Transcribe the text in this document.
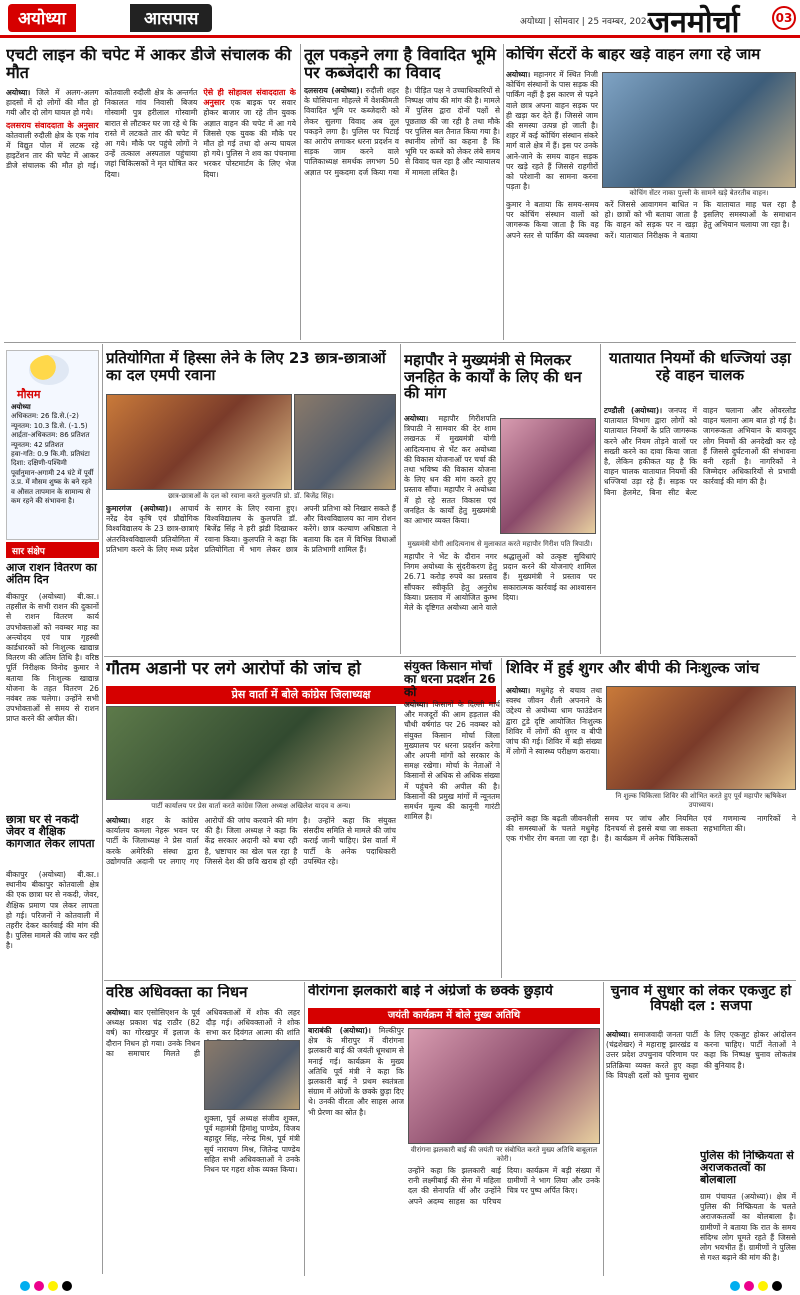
अयोध्या	आसपास	अयोध्या | सोमवार | 25 नवम्बर, 2024
जनमोर्चा	03
एचटी लाइन की चपेट में आकर डीजे संचालक की मौत

अयोध्या। जिले में अलग-अलग हादसों में दो लोगों की मौत हो गयी और दो लोग घायल हो गये।

दलसराय संवाददाता के अनुसार कोतवाली रुदौली क्षेत्र के एक गांव में विद्युत पोल में लटक रहे हाइटेंशन तार की चपेट में आकर डीजे संचालक की मौत हो गई। कोतवाली रुदौली क्षेत्र के अन्तर्गत निकालत गांव निवासी बिजय गोस्वामी पुत्र हरीलाल गोस्वामी बारात से लौटकर घर जा रहे थे कि रास्ते में लटकते तार की चपेट में आ गये। मौके पर पहुंचे लोगों ने उन्हें तत्काल अस्पताल पहुंचाया जहां चिकित्सकों ने मृत घोषित कर दिया।

ऐसे ही सोहावल संवाददाता के अनुसार एक बाइक पर सवार होकर बाजार जा रहे तीन युवक अज्ञात वाहन की चपेट में आ गये जिससे एक युवक की मौके पर मौत हो गई तथा दो अन्य घायल हो गये। पुलिस ने शव का पंचनामा भरकर पोस्टमार्टम के लिए भेज दिया।

तूल पकड़ने लगा है विवादित भूमि पर कब्जेदारी का विवाद

दलसराय (अयोध्या)। रुदौली शहर के घोसियाना मोहल्ले में वेशकीमती विवादित भूमि पर कब्जेदारी को लेकर सुलगा विवाद अब तूल पकड़ने लगा है। पुलिस पर पिटाई का आरोप लगाकर धरना प्रदर्शन व सड़क जाम करने वाले पालिकाध्यक्ष समर्थक लगभग 50 अज्ञात पर मुकदमा दर्ज किया गया है। पीड़ित पक्ष ने उच्चाधिकारियों से निष्पक्ष जांच की मांग की है। मामले में पुलिस द्वारा दोनों पक्षों से पूछताछ की जा रही है तथा मौके पर पुलिस बल तैनात किया गया है। स्थानीय लोगों का कहना है कि भूमि पर कब्जे को लेकर लंबे समय से विवाद चल रहा है और न्यायालय में मामला लंबित है।

कोचिंग सेंटरों के बाहर खड़े वाहन लगा रहे जाम
अयोध्या। महानगर में स्थित निजी कोचिंग संस्थानों के पास सड़क की पार्किंग नहीं है इस कारण से पढ़ने वाले छात्र अपना वाहन सड़क पर ही खड़ा कर देते हैं। जिससे जाम की समस्या उत्पन्न हो जाती है। शहर में कई कोचिंग संस्थान संकरे मार्ग वाले क्षेत्र में हैं। इस पर उनके आने-जाने के समय वाहन सड़क पर खड़े रहते हैं जिससे राहगीरों को परेशानी का सामना करना पड़ता है।
कोचिंग सेंटर नाका पुल्ली के सामने खड़े बेतरतीब वाहन।
कुमार ने बताया कि समय-समय पर कोचिंग संस्थान वालों को जागरूक किया जाता है कि वह अपने स्तर से पार्किंग की व्यवस्था करें जिससे आवागमन बाधित न हो। छात्रों को भी बताया जाता है कि वाहन को सड़क पर न खड़ा करें। यातायात निरीक्षक ने बताया कि यातायात माह चल रहा है इसलिए समस्याओं के समाधान हेतु अभियान चलाया जा रहा है।
मौसम
अयोध्या
अधिकतम: 26 डि.से.(-2)
न्यूनतम: 10.3 डि.से. (-1.5)
आर्द्रता-अधिकतम: 86 प्रतिशत
न्यूनतम: 42 प्रतिशत
हवा-गति: 0.9 कि.मी. प्रतिघंटा
दिशा: दक्षिणी-पश्चिमी
पूर्वानुमान-अगामी 24 घंटे में पूर्वी उ.प्र. में मौसम शुष्क के बने रहने व औसत तापमान के सामान्य से कम रहने की संभावना है।
सार संक्षेप
आज राशन वितरण का अंतिम दिन
बीकापुर (अयोध्या) बी.का.। तहसील के सभी राशन की दुकानों से राशन वितरण कार्य उपभोक्ताओं को नवम्बर माह का अन्त्योदय एवं पात्र गृहस्थी कार्डधारकों को निःशुल्क खाद्यान्न वितरण की अंतिम तिथि है। वरिष्ठ पूर्ति निरीक्षक विनोद कुमार ने बताया कि निःशुल्क खाद्यान्न योजना के तहत वितरण 26 नवंबर तक चलेगा। उन्होंने सभी उपभोक्ताओं से समय से राशन प्राप्त करने की अपील की।
छात्रा घर से नकदी जेवर व शैक्षिक कागजात लेकर लापता
बीकापुर (अयोध्या) बी.का.। स्थानीय बीकापुर कोतवाली क्षेत्र की एक छात्रा घर से नकदी, जेवर, शैक्षिक प्रमाण पत्र लेकर लापता हो गई। परिजनों ने कोतवाली में तहरीर देकर कार्रवाई की मांग की है। पुलिस मामले की जांच कर रही है।
प्रतियोगिता में हिस्सा लेने के लिए 23 छात्र-छात्राओं का दल एमपी रवाना
छात्र-छात्राओं के दल को रवाना करते कुलपति प्रो. डॉ. बिजेंद्र सिंह।
कुमारगंज (अयोध्या)। आचार्य नरेंद्र देव कृषि एवं प्रौद्योगिक विश्वविद्यालय के 23 छात्र-छात्राएं अंतरविश्वविद्यालयी प्रतियोगिता में प्रतिभाग करने के लिए मध्य प्रदेश के सागर के लिए रवाना हुए। विश्वविद्यालय के कुलपति डॉ. बिजेंद्र सिंह ने हरी झंडी दिखाकर रवाना किया। कुलपति ने कहा कि प्रतियोगिता में भाग लेकर छात्र अपनी प्रतिभा को निखार सकते हैं और विश्वविद्यालय का नाम रोशन करेंगे। छात्र कल्याण अधिष्ठाता ने बताया कि दल में विभिन्न विधाओं के प्रतिभागी शामिल हैं।
महापौर ने मुख्यमंत्री से मिलकर जनहित के कार्यों के लिए की धन की मांग
अयोध्या। महापौर गिरीशपति त्रिपाठी ने सामवार की देर शाम लखनऊ में मुख्यमंत्री योगी आदित्यनाथ से भेंट कर अयोध्या की विकास योजनाओं पर चर्चा की तथा भविष्य की विकास योजना के लिए धन की मांग करते हुए प्रस्ताव सौंपा। महापौर ने अयोध्या में हो रहे सतत विकास एवं जनहित के कार्यों हेतु मुख्यमंत्री का आभार व्यक्त किया।
मुख्यमंत्री योगी आदित्यनाथ से मुलाकात करते महापौर गिरीश पति त्रिपाठी।
महापौर ने भेंट के दौरान नगर निगम अयोध्या के सुंदरीकरण हेतु 26.71 करोड़ रुपये का प्रस्ताव सौंपकर स्वीकृति हेतु अनुरोध किया। प्रस्ताव में आयोजित कुम्भ मेले के दृष्टिगत अयोध्या आने वाले श्रद्धालुओं को उत्कृष्ट सुविधाएं प्रदान करने की योजनाएं शामिल हैं। मुख्यमंत्री ने प्रस्ताव पर सकारात्मक कार्रवाई का आश्वासन दिया।
यातायात नियमों की धज्जियां उड़ा रहे वाहन चालक
टण्डौली (अयोध्या)। जनपद में यातायात विभाग द्वारा लोगों को यातायात नियमों के प्रति जागरूक करने और नियम तोड़ने वालों पर सख्ती करने का दावा किया जाता है, लेकिन हकीकत यह है कि वाहन चालक यातायात नियमों की धज्जियां उड़ा रहे हैं। सड़क पर बिना हेलमेट, बिना सीट बेल्ट वाहन चलाना और ओवरलोड वाहन चलाना आम बात हो गई है। जागरूकता अभियान के बावजूद लोग नियमों की अनदेखी कर रहे हैं जिससे दुर्घटनाओं की संभावना बनी रहती है। नागरिकों ने जिम्मेदार अधिकारियों से प्रभावी कार्रवाई की मांग की है।
गौतम अडानी पर लगे आरोपों की जांच हो
प्रेस वार्ता में बोले कांग्रेस जिलाध्यक्ष
पार्टी कार्यालय पर प्रेस वार्ता करते कांग्रेस जिला अध्यक्ष अखिलेश यादव व अन्य।
अयोध्या। शहर के कांग्रेस कार्यालय कमला नेहरू भवन पर पार्टी के जिलाध्यक्ष ने प्रेस वार्ता करके अमेरिकी संस्था द्वारा उद्योगपति अदानी पर लगाए गए आरोपों की जांच करवाने की मांग की है। जिला अध्यक्ष ने कहा कि केंद्र सरकार अदानी को बचा रही है, भ्रष्टाचार का खेल चल रहा है जिससे देश की छवि खराब हो रही है। उन्होंने कहा कि संयुक्त संसदीय समिति से मामले की जांच कराई जानी चाहिए। प्रेस वार्ता में पार्टी के अनेक पदाधिकारी उपस्थित रहे।
संयुक्त किसान मोर्चा का धरना प्रदर्शन 26 को
अयोध्या। किसानों के दिल्ली मार्च और मजदूरों की आम हड़ताल की चौथी वर्षगांठ पर 26 नवम्बर को संयुक्त किसान मोर्चा जिला मुख्यालय पर धरना प्रदर्शन करेगा और अपनी मांगों को सरकार के समक्ष रखेगा। मोर्चा के नेताओं ने किसानों से अधिक से अधिक संख्या में पहुंचने की अपील की है। किसानों की प्रमुख मांगों में न्यूनतम समर्थन मूल्य की कानूनी गारंटी शामिल है।
शिविर में हुई शुगर और बीपी की निःशुल्क जांच
अयोध्या। मधुमेह से बचाव तथा स्वस्थ जीवन शैली अपनाने के उद्देश्य से अयोध्या धाम फाउंडेशन द्वारा टुडे दृष्टि आयोजित निःशुल्क शिविर में लोगों की शुगर व बीपी जांच की गई। शिविर में बड़ी संख्या में लोगों ने स्वास्थ्य परीक्षण कराया।
नि शुल्क चिकित्सा शिविर की शोभित करते हुए पूर्व महापौर ऋषिकेश उपाध्याय।
उन्होंने कहा कि बढ़ती जीवनशैली की समस्याओं के चलते मधुमेह एक गंभीर रोग बनता जा रहा है। समय पर जांच और नियमित दिनचर्या से इससे बचा जा सकता है। कार्यक्रम में अनेक चिकित्सकों एवं गणमान्य नागरिकों ने सहभागिता की।
वरिष्ठ अधिवक्ता का निधन
अयोध्या। बार एसोसिएशन के पूर्व अध्यक्ष प्रकाश चंद्र राठौर (82 वर्ष) का गोरखपुर में इलाज के दौरान निधन हो गया। उनके निधन का समाचार मिलते ही अधिवक्ताओं में शोक की लहर दौड़ गई। अधिवक्ताओं ने शोक सभा कर दिवंगत आत्मा की शांति
शुक्ला, पूर्व अध्यक्ष संजीव शुक्ल, पूर्व महामंत्री हिमांशु पाण्डेय, विजय बहादुर सिंह, नरेन्द्र मिश्र, पूर्व मंत्री सूर्य नारायण मिश्र, जितेन्द्र पाण्डेय सहित सभी अधिवक्ताओं ने उनके निधन पर गहरा शोक व्यक्त किया।
वीरांगना झलकारी बाई ने अंग्रेजों के छक्के छुड़ाये
जयंती कार्यक्रम में बोले मुख्य अतिथि
बाराबंकी (अयोध्या)। मिल्कीपुर क्षेत्र के मीरापुर में वीरांगना झलकारी बाई की जयंती धूमधाम से मनाई गई। कार्यक्रम के मुख्य अतिथि पूर्व मंत्री ने कहा कि झलकारी बाई ने प्रथम स्वतंत्रता संग्राम में अंग्रेजों के छक्के छुड़ा दिए थे। उनकी वीरता और साहस आज भी प्रेरणा का स्रोत है।
वीरांगना झलकारी बाई की जयंती पर संबोधित करते मुख्य अतिथि बाबूलाल कोरी।
उन्होंने कहा कि झलकारी बाई रानी लक्ष्मीबाई की सेना में महिला दल की सेनापति थीं और उन्होंने अपने अदम्य साहस का परिचय दिया। कार्यक्रम में बड़ी संख्या में ग्रामीणों ने भाग लिया और उनके चित्र पर पुष्प अर्पित किए।
चुनाव में सुधार को लेकर एकजुट हो विपक्षी दल : सजपा
अयोध्या। समाजवादी जनता पार्टी (चंद्रशेखर) ने महाराष्ट्र झारखंड व उत्तर प्रदेश उपचुनाव परिणाम पर प्रतिक्रिया व्यक्त करते हुए कहा कि विपक्षी दलों को चुनाव सुधार के लिए एकजुट होकर आंदोलन करना चाहिए। पार्टी नेताओं ने कहा कि निष्पक्ष चुनाव लोकतंत्र की बुनियाद है।
पुलिस की निष्क्रियता से अराजकतत्वों का बोलबाला
ग्राम पंचायत (अयोध्या)। क्षेत्र में पुलिस की निष्क्रियता के चलते अराजकतत्वों का बोलबाला है। ग्रामीणों ने बताया कि रात के समय संदिग्ध लोग घूमते रहते हैं जिससे लोग भयभीत हैं। ग्रामीणों ने पुलिस से गश्त बढ़ाने की मांग की है।
